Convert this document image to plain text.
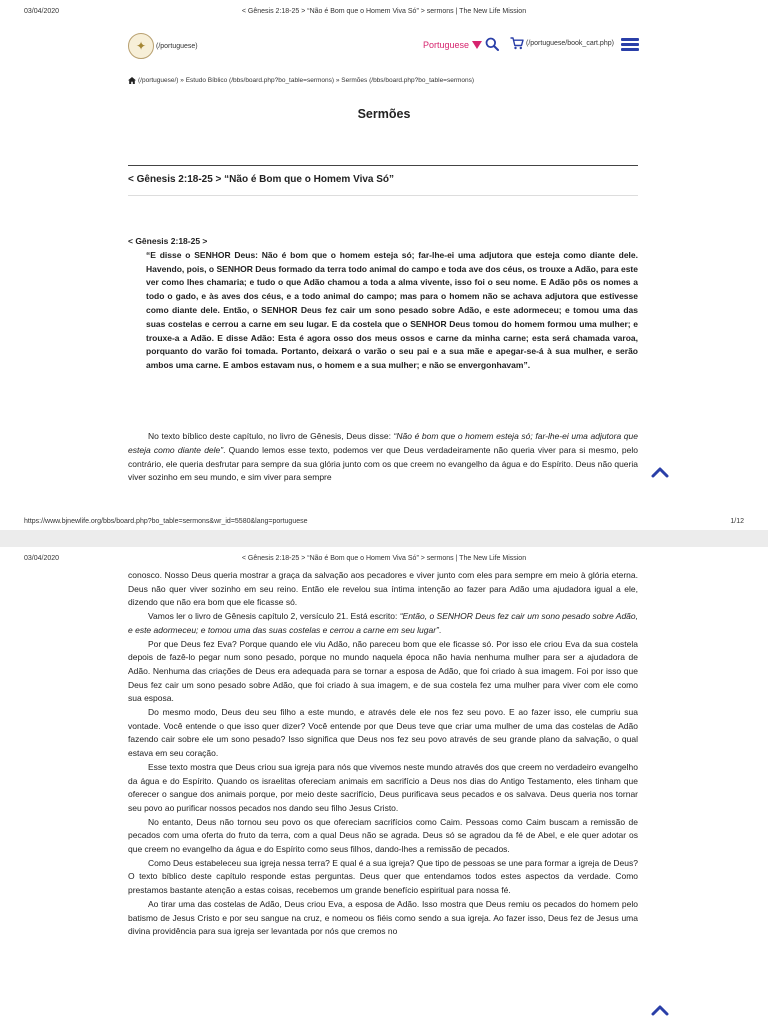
03/04/2020	< Gênesis 2:18-25 > “Não é Bom que o Homem Viva Só” > sermons | The New Life Mission
✦	(/portuguese)	Portuguese	(/portuguese/book_cart.php)
(/portuguese/) » Estudo Bíblico (/bbs/board.php?bo_table=sermons) » Sermões (/bbs/board.php?bo_table=sermons)
Sermões
< Gênesis 2:18-25 > “Não é Bom que o Homem Viva Só”
< Gênesis 2:18-25 >
“E disse o SENHOR Deus: Não é bom que o homem esteja só; far-lhe-ei uma adjutora que esteja como diante dele. Havendo, pois, o SENHOR Deus formado da terra todo animal do campo e toda ave dos céus, os trouxe a Adão, para este ver como lhes chamaria; e tudo o que Adão chamou a toda a alma vivente, isso foi o seu nome. E Adão pôs os nomes a todo o gado, e às aves dos céus, e a todo animal do campo; mas para o homem não se achava adjutora que estivesse como diante dele. Então, o SENHOR Deus fez cair um sono pesado sobre Adão, e este adormeceu; e tomou uma das suas costelas e cerrou a carne em seu lugar. E da costela que o SENHOR Deus tomou do homem formou uma mulher; e trouxe-a a Adão. E disse Adão: Esta é agora osso dos meus ossos e carne da minha carne; esta será chamada varoa, porquanto do varão foi tomada. Portanto, deixará o varão o seu pai e a sua mãe e apegar-se-á à sua mulher, e serão ambos uma carne. E ambos estavam nus, o homem e a sua mulher; e não se envergonhavam”.

No texto bíblico deste capítulo, no livro de Gênesis, Deus disse: “Não é bom que o homem esteja só; far-lhe-ei uma adjutora que esteja como diante dele”. Quando lemos esse texto, podemos ver que Deus verdadeiramente não queria viver para si mesmo, pelo contrário, ele queria desfrutar para sempre da sua glória junto com os que creem no evangelho da água e do Espírito. Deus não queria viver sozinho em seu mundo, e sim viver para sempre

https://www.bjnewlife.org/bbs/board.php?bo_table=sermons&wr_id=5580&lang=portuguese	1/12
03/04/2020	< Gênesis 2:18-25 > “Não é Bom que o Homem Viva Só” > sermons | The New Life Mission

conosco. Nosso Deus queria mostrar a graça da salvação aos pecadores e viver junto com eles para sempre em meio à glória eterna. Deus não quer viver sozinho em seu reino. Então ele revelou sua íntima intenção ao fazer para Adão uma ajudadora igual a ele, dizendo que não era bom que ele ficasse só.

Vamos ler o livro de Gênesis capítulo 2, versículo 21. Está escrito: “Então, o SENHOR Deus fez cair um sono pesado sobre Adão, e este adormeceu; e tomou uma das suas costelas e cerrou a carne em seu lugar”.

Por que Deus fez Eva? Porque quando ele viu Adão, não pareceu bom que ele ficasse só. Por isso ele criou Eva da sua costela depois de fazê-lo pegar num sono pesado, porque no mundo naquela época não havia nenhuma mulher para ser a ajudadora de Adão. Nenhuma das criações de Deus era adequada para se tornar a esposa de Adão, que foi criado à sua imagem. Foi por isso que Deus fez cair um sono pesado sobre Adão, que foi criado à sua imagem, e de sua costela fez uma mulher para viver com ele como sua esposa.

Do mesmo modo, Deus deu seu filho a este mundo, e através dele ele nos fez seu povo. E ao fazer isso, ele cumpriu sua vontade. Você entende o que isso quer dizer? Você entende por que Deus teve que criar uma mulher de uma das costelas de Adão fazendo cair sobre ele um sono pesado? Isso significa que Deus nos fez seu povo através de seu grande plano da salvação, o qual estava em seu coração.

Esse texto mostra que Deus criou sua igreja para nós que vivemos neste mundo através dos que creem no verdadeiro evangelho da água e do Espírito. Quando os israelitas ofereciam animais em sacrifício a Deus nos dias do Antigo Testamento, eles tinham que oferecer o sangue dos animais porque, por meio deste sacrifício, Deus purificava seus pecados e os salvava. Deus queria nos tornar seu povo ao purificar nossos pecados nos dando seu filho Jesus Cristo.

No entanto, Deus não tornou seu povo os que ofereciam sacrifícios como Caim. Pessoas como Caim buscam a remissão de pecados com uma oferta do fruto da terra, com a qual Deus não se agrada. Deus só se agradou da fé de Abel, e ele quer adotar os que creem no evangelho da água e do Espírito como seus filhos, dando-lhes a remissão de pecados.

Como Deus estabeleceu sua igreja nessa terra? E qual é a sua igreja? Que tipo de pessoas se une para formar a igreja de Deus? O texto bíblico deste capítulo responde estas perguntas. Deus quer que entendamos todos estes aspectos da verdade. Como prestamos bastante atenção a estas coisas, recebemos um grande benefício espiritual para nossa fé.

Ao tirar uma das costelas de Adão, Deus criou Eva, a esposa de Adão. Isso mostra que Deus remiu os pecados do homem pelo batismo de Jesus Cristo e por seu sangue na cruz, e nomeou os fiéis como sendo a sua igreja. Ao fazer isso, Deus fez de Jesus uma divina providência para sua igreja ser levantada por nós que cremos no
